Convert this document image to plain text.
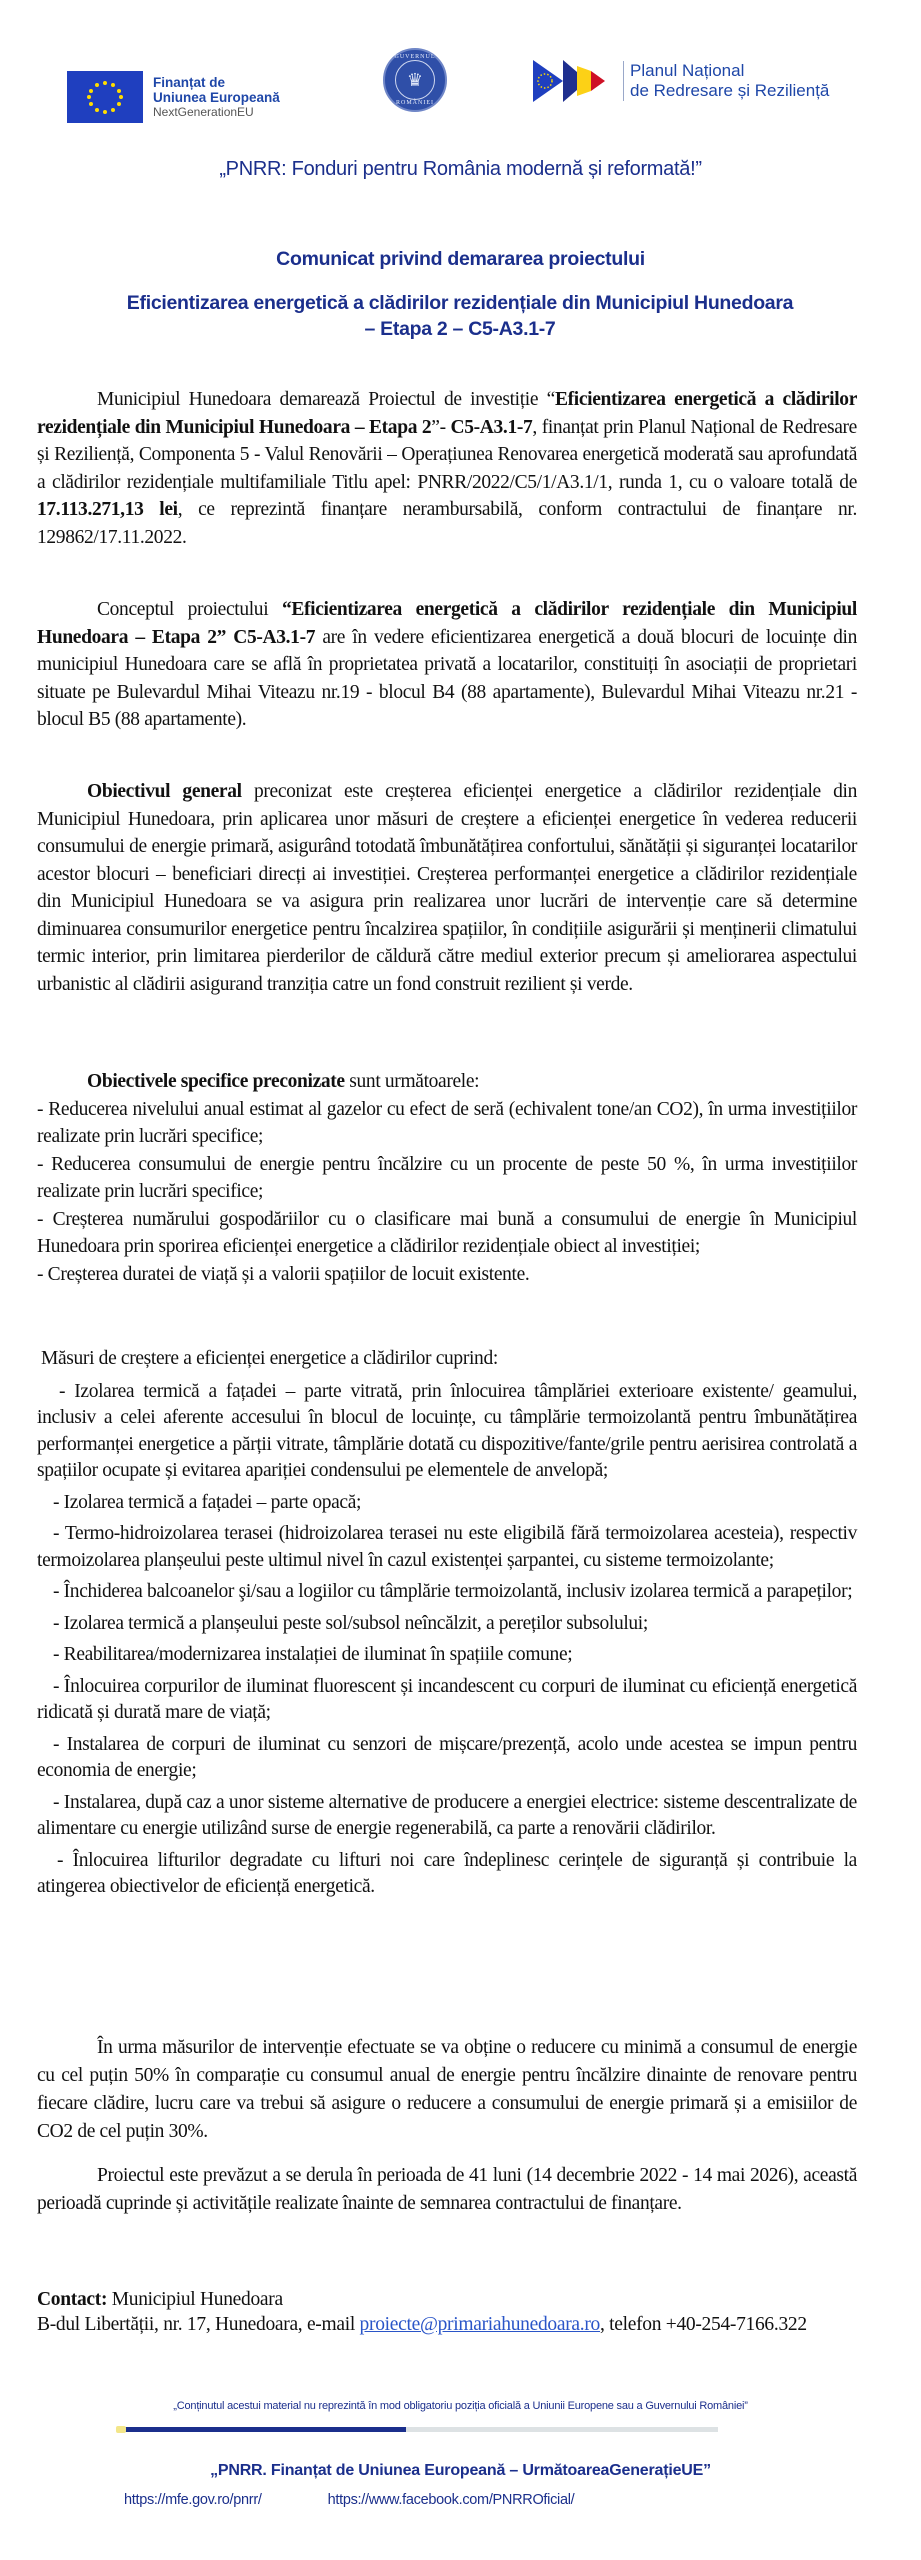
Finanțat de
Uniunea Europeană
NextGenerationEU
♛
GUVERNUL
ROMÂNIEI
Planul Național
de Redresare și Reziliență
„PNRR: Fonduri pentru România modernă și reformată!”
Comunicat privind demararea proiectului
Eficientizarea energetică a clădirilor rezidențiale din Municipiul Hunedoara
– Etapa 2 – C5-A3.1-7

Municipiul Hunedoara demarează Proiectul de investiție “Eficientizarea energetică a clădirilor rezidențiale din Municipiul Hunedoara – Etapa 2”- C5-A3.1-7, finanțat prin Planul Național de Redresare și Reziliență, Componenta 5 - Valul Renovării – Operațiunea Renovarea energetică moderată sau aprofundată a clădirilor rezidențiale multifamiliale Titlu apel: PNRR/2022/C5/1/A3.1/1, runda 1, cu o valoare totală de 17.113.271,13 lei, ce reprezintă finanțare nerambursabilă, conform contractului de finanțare nr. 129862/17.11.2022.

Conceptul proiectului “Eficientizarea energetică a clădirilor rezidențiale din Municipiul Hunedoara – Etapa 2” C5-A3.1-7 are în vedere eficientizarea energetică a două blocuri de locuințe din municipiul Hunedoara care se află în proprietatea privată a locatarilor, constituiți în asociații de proprietari situate pe Bulevardul Mihai Viteazu nr.19 - blocul B4 (88 apartamente), Bulevardul Mihai Viteazu nr.21 - blocul B5 (88 apartamente).

Obiectivul general preconizat este creșterea eficienței energetice a clădirilor rezidențiale din Municipiul Hunedoara, prin aplicarea unor măsuri de creștere a eficienței energetice în vederea reducerii consumului de energie primară, asigurând totodată îmbunătățirea confortului, sănătății și siguranței locatarilor acestor blocuri – beneficiari direcți ai investiției. Creșterea performanței energetice a clădirilor rezidențiale din Municipiul Hunedoara se va asigura prin realizarea unor lucrări de intervenție care să determine diminuarea consumurilor energetice pentru încalzirea spațiilor, în condițiile asigurării și menținerii climatului termic interior, prin limitarea pierderilor de căldură către mediul exterior precum și ameliorarea aspectului urbanistic al clădirii asigurand tranziția catre un fond construit rezilient și verde.

Obiectivele specifice preconizate sunt următoarele:

- Reducerea nivelului anual estimat al gazelor cu efect de seră (echivalent tone/an CO2), în urma investițiilor realizate prin lucrări specifice;

- Reducerea consumului de energie pentru încălzire cu un procente de peste 50 %, în urma investițiilor realizate prin lucrări specifice;

- Creșterea numărului gospodăriilor cu o clasificare mai bună a consumului de energie în Municipiul Hunedoara prin sporirea eficienței energetice a clădirilor rezidențiale obiect al investiției;

- Creșterea duratei de viață și a valorii spațiilor de locuit existente.

Măsuri de creștere a eficienței energetice a clădirilor cuprind:

- Izolarea termică a fațadei – parte vitrată, prin înlocuirea tâmplăriei exterioare existente/ geamului, inclusiv a celei aferente accesului în blocul de locuințe, cu tâmplărie termoizolantă pentru îmbunătățirea performanței energetice a părții vitrate, tâmplărie dotată cu dispozitive/fante/grile pentru aerisirea controlată a spațiilor ocupate și evitarea apariției condensului pe elementele de anvelopă;

- Izolarea termică a fațadei – parte opacă;

- Termo-hidroizolarea terasei (hidroizolarea terasei nu este eligibilă fără termoizolarea acesteia), respectiv termoizolarea planșeului peste ultimul nivel în cazul existenței șarpantei, cu sisteme termoizolante;

- Închiderea balcoanelor şi/sau a logiilor cu tâmplărie termoizolantă, inclusiv izolarea termică a parapeților;

- Izolarea termică a planșeului peste sol/subsol neîncălzit, a pereților subsolului;

- Reabilitarea/modernizarea instalației de iluminat în spațiile comune;

- Înlocuirea corpurilor de iluminat fluorescent și incandescent cu corpuri de iluminat cu eficiență energetică ridicată și durată mare de viață;

- Instalarea de corpuri de iluminat cu senzori de mișcare/prezență, acolo unde acestea se impun pentru economia de energie;

- Instalarea, după caz a unor sisteme alternative de producere a energiei electrice: sisteme descentralizate de alimentare cu energie utilizând surse de energie regenerabilă, ca parte a renovării clădirilor.

- Înlocuirea lifturilor degradate cu lifturi noi care îndeplinesc cerințele de siguranță și contribuie la atingerea obiectivelor de eficiență energetică.

În urma măsurilor de intervenție efectuate se va obține o reducere cu minimă a consumul de energie cu cel puțin 50% în comparație cu consumul anual de energie pentru încălzire dinainte de renovare pentru fiecare clădire, lucru care va trebui să asigure o reducere a consumului de energie primară și a emisiilor de CO2 de cel puțin 30%.

Proiectul este prevăzut a se derula în perioada de 41 luni (14 decembrie 2022 - 14 mai 2026), această perioadă cuprinde și activitățile realizate înainte de semnarea contractului de finanțare.

Contact: Municipiul Hunedoara
B-dul Libertății, nr. 17, Hunedoara, e-mail proiecte@primariahunedoara.ro, telefon +40-254-7166.322
„Conținutul acestui material nu reprezintă în mod obligatoriu poziția oficială a Uniunii Europene sau a Guvernului României”
„PNRR. Finanțat de Uniunea Europeană – UrmătoareaGenerațieUE”
https://mfe.gov.ro/pnrr/	https://www.facebook.com/PNRROficial/
